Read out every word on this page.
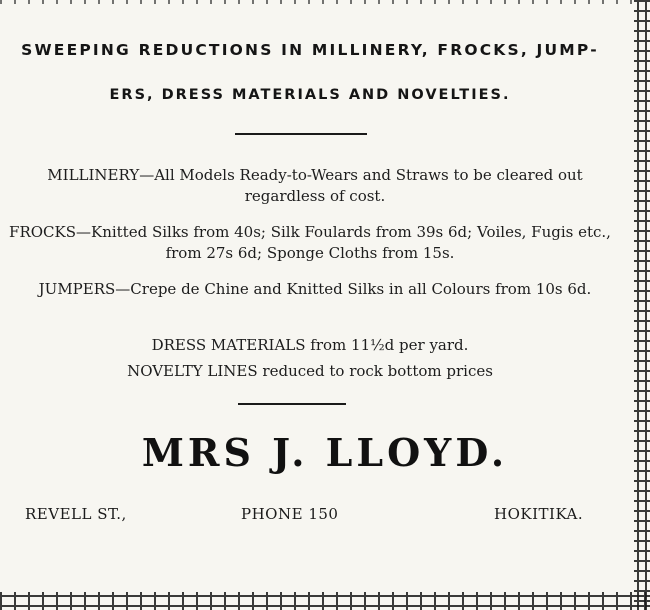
SWEEPING REDUCTIONS IN MILLINERY, FROCKS, JUMP-
ERS, DRESS MATERIALS AND NOVELTIES.
MILLINERY—All Models Ready-to-Wears and Straws to be cleared out regardless of cost.
FROCKS—Knitted Silks from 40s; Silk Foulards from 39s 6d; Voiles, Fugis etc., from 27s 6d; Sponge Cloths from 15s.
JUMPERS—Crepe de Chine and Knitted Silks in all Colours from 10s 6d.
DRESS MATERIALS from 11½d per yard.
NOVELTY LINES reduced to rock bottom prices
MRS J. LLOYD.
REVELL ST.,	PHONE 150	HOKITIKA.
